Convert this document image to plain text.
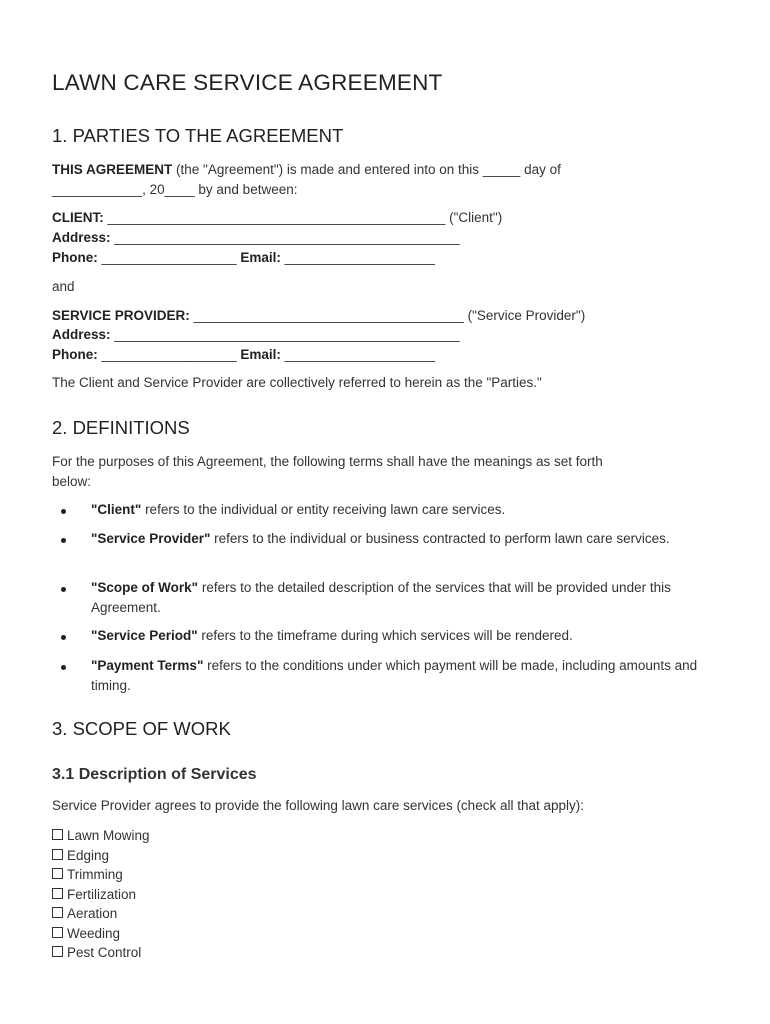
LAWN CARE SERVICE AGREEMENT
1. PARTIES TO THE AGREEMENT
THIS AGREEMENT (the "Agreement") is made and entered into on this _____ day of
____________, 20____ by and between:
CLIENT: _____________________________________________ ("Client")
Address: ______________________________________________
Phone: __________________ Email: ____________________
and
SERVICE PROVIDER: ____________________________________ ("Service Provider")
Address: ______________________________________________
Phone: __________________ Email: ____________________
The Client and Service Provider are collectively referred to herein as the "Parties."
2. DEFINITIONS
For the purposes of this Agreement, the following terms shall have the meanings as set forth
below:
"Client" refers to the individual or entity receiving lawn care services.
"Service Provider" refers to the individual or business contracted to perform lawn care services.
"Scope of Work" refers to the detailed description of the services that will be provided under this Agreement.
"Service Period" refers to the timeframe during which services will be rendered.
"Payment Terms" refers to the conditions under which payment will be made, including amounts and timing.
3. SCOPE OF WORK
3.1 Description of Services
Service Provider agrees to provide the following lawn care services (check all that apply):
Lawn Mowing
Edging
Trimming
Fertilization
Aeration
Weeding
Pest Control
